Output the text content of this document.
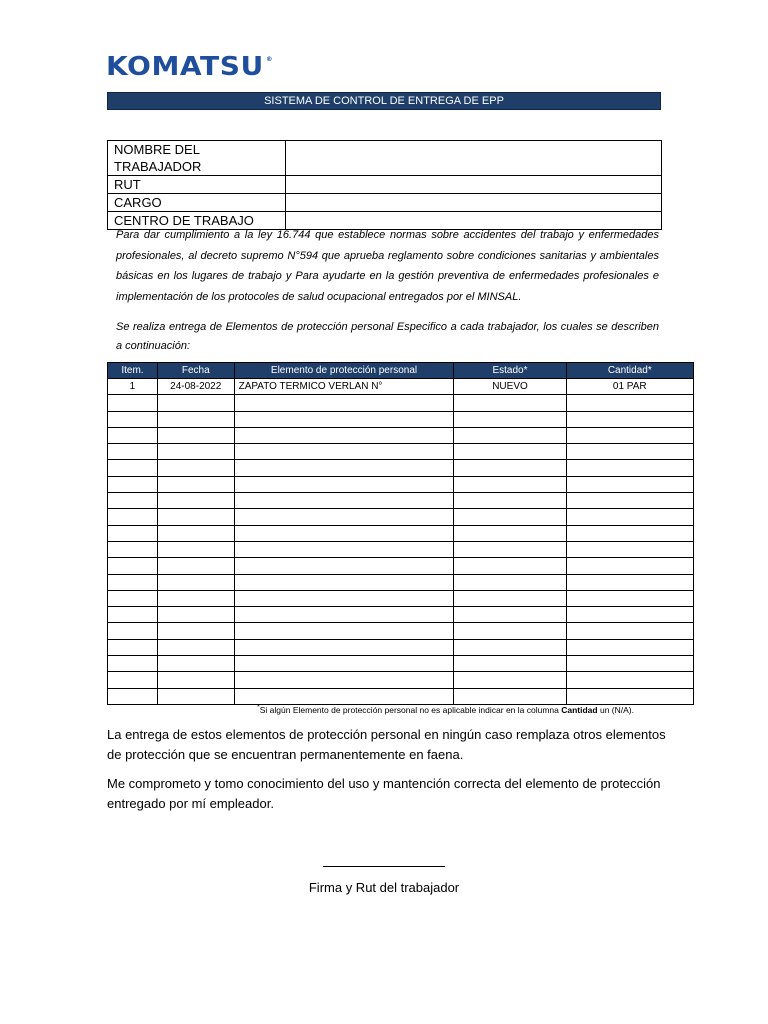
KOMATSU ®
SISTEMA DE CONTROL DE ENTREGA DE EPP
NOMBRE DEL TRABAJADOR	
RUT	
CARGO	
CENTRO DE TRABAJO	
Para dar cumplimiento a la ley 16.744 que establece normas sobre accidentes del trabajo y enfermedades profesionales, al decreto supremo N°594 que aprueba reglamento sobre condiciones sanitarias y ambientales básicas en los lugares de trabajo y Para ayudarte en la gestión preventiva de enfermedades profesionales e implementación de los protocoles de salud ocupacional entregados por el MINSAL.
Se realiza entrega de Elementos de protección personal Especifico a cada trabajador, los cuales se describen a continuación:
Item.	Fecha	Elemento de protección personal	Estado*	Cantidad*
1	24-08-2022	ZAPATO TERMICO VERLAN N°	NUEVO	01 PAR

*Si algún Elemento de protección personal no es aplicable indicar en la columna Cantidad un (N/A).
La entrega de estos elementos de protección personal en ningún caso remplaza otros elementos de protección que se encuentran permanentemente en faena.
Me comprometo y tomo conocimiento del uso y mantención correcta del elemento de protección entregado por mí empleador.
Firma y Rut del trabajador
